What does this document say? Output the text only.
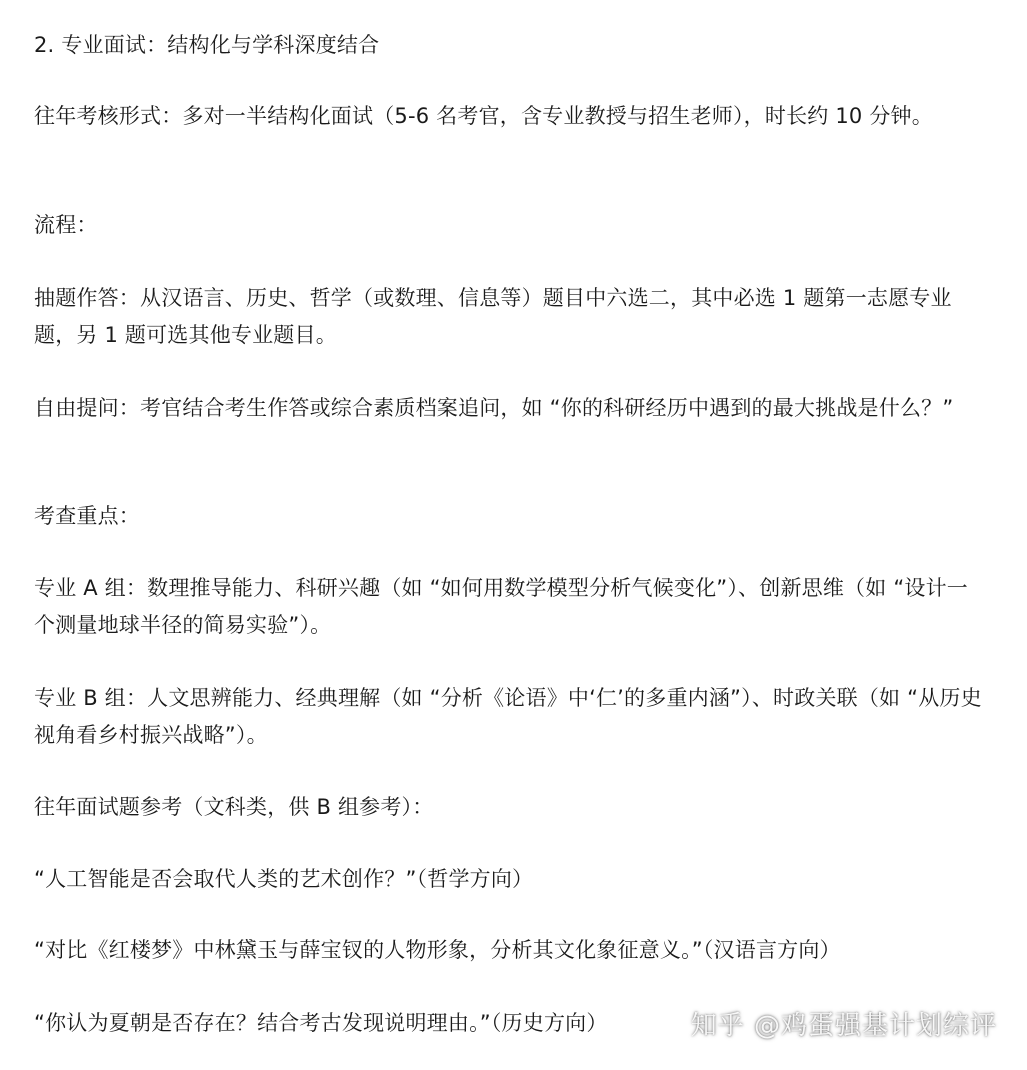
2. 专业面试：结构化与学科深度结合

往年考核形式：多对一半结构化面试（5-6 名考官，含专业教授与招生老师），时长约 10 分钟。

流程：

抽题作答：从汉语言、历史、哲学（或数理、信息等）题目中六选二，其中必选 1 题第一志愿专业题，另 1 题可选其他专业题目。

自由提问：考官结合考生作答或综合素质档案追问，如 “你的科研经历中遇到的最大挑战是什么？”

考查重点：

专业 A 组：数理推导能力、科研兴趣（如 “如何用数学模型分析气候变化”）、创新思维（如 “设计一个测量地球半径的简易实验”）。

专业 B 组：人文思辨能力、经典理解（如 “分析《论语》中‘仁’的多重内涵”）、时政关联（如 “从历史视角看乡村振兴战略”）。

往年面试题参考（文科类，供 B 组参考）：

“人工智能是否会取代人类的艺术创作？”（哲学方向）

“对比《红楼梦》中林黛玉与薛宝钗的人物形象，分析其文化象征意义。”（汉语言方向）

“你认为夏朝是否存在？结合考古发现说明理由。”（历史方向）	知乎 @鸡蛋强基计划综评
